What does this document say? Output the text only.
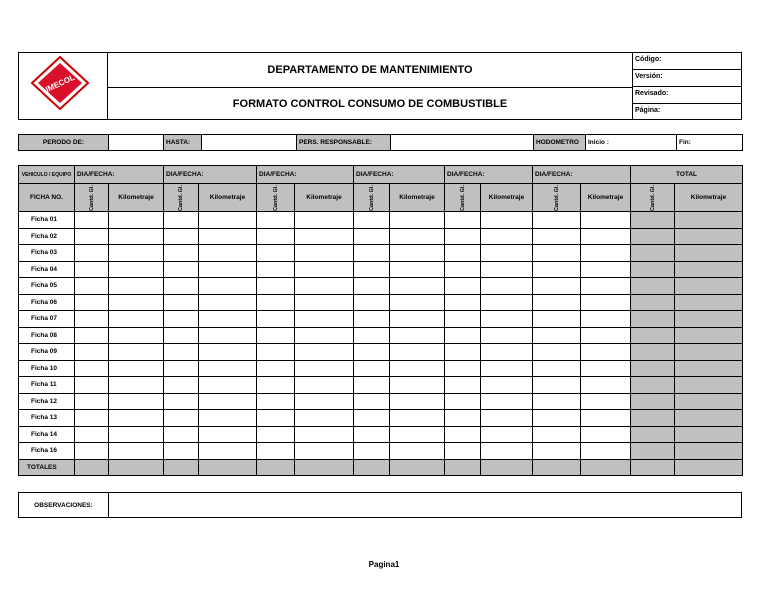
IMECOL
DEPARTAMENTO DE MANTENIMIENTO
FORMATO CONTROL CONSUMO DE COMBUSTIBLE
Código:
Versión:
Revisado:
Página:
PERODO DE:		HASTA:		PERS. RESPONSABLE:		HODOMETRO	Inicio :	Fin:
VEHICULO / EQUIPO	DIA/FECHA:		DIA/FECHA:		DIA/FECHA:		DIA/FECHA:		DIA/FECHA:		DIA/FECHA:		TOTAL	
FICHA NO.	Cantd. Gl.	Kilometraje	Cantd. Gl.	Kilometraje	Cantd. Gl.	Kilometraje	Cantd. Gl.	Kilometraje	Cantd. Gl.	Kilometraje	Cantd. Gl.	Kilometraje	Cantd. Gl.	Kilometraje
Ficha 01														
Ficha 02														
Ficha 03														
Ficha 04														
Ficha 05														
Ficha 06														
Ficha 07														
Ficha 08														
Ficha 09														
Ficha 10														
Ficha 11														
Ficha 12														
Ficha 13														
Ficha 14														
Ficha 16														
TOTALES														
OBSERVACIONES:
Pagina1
